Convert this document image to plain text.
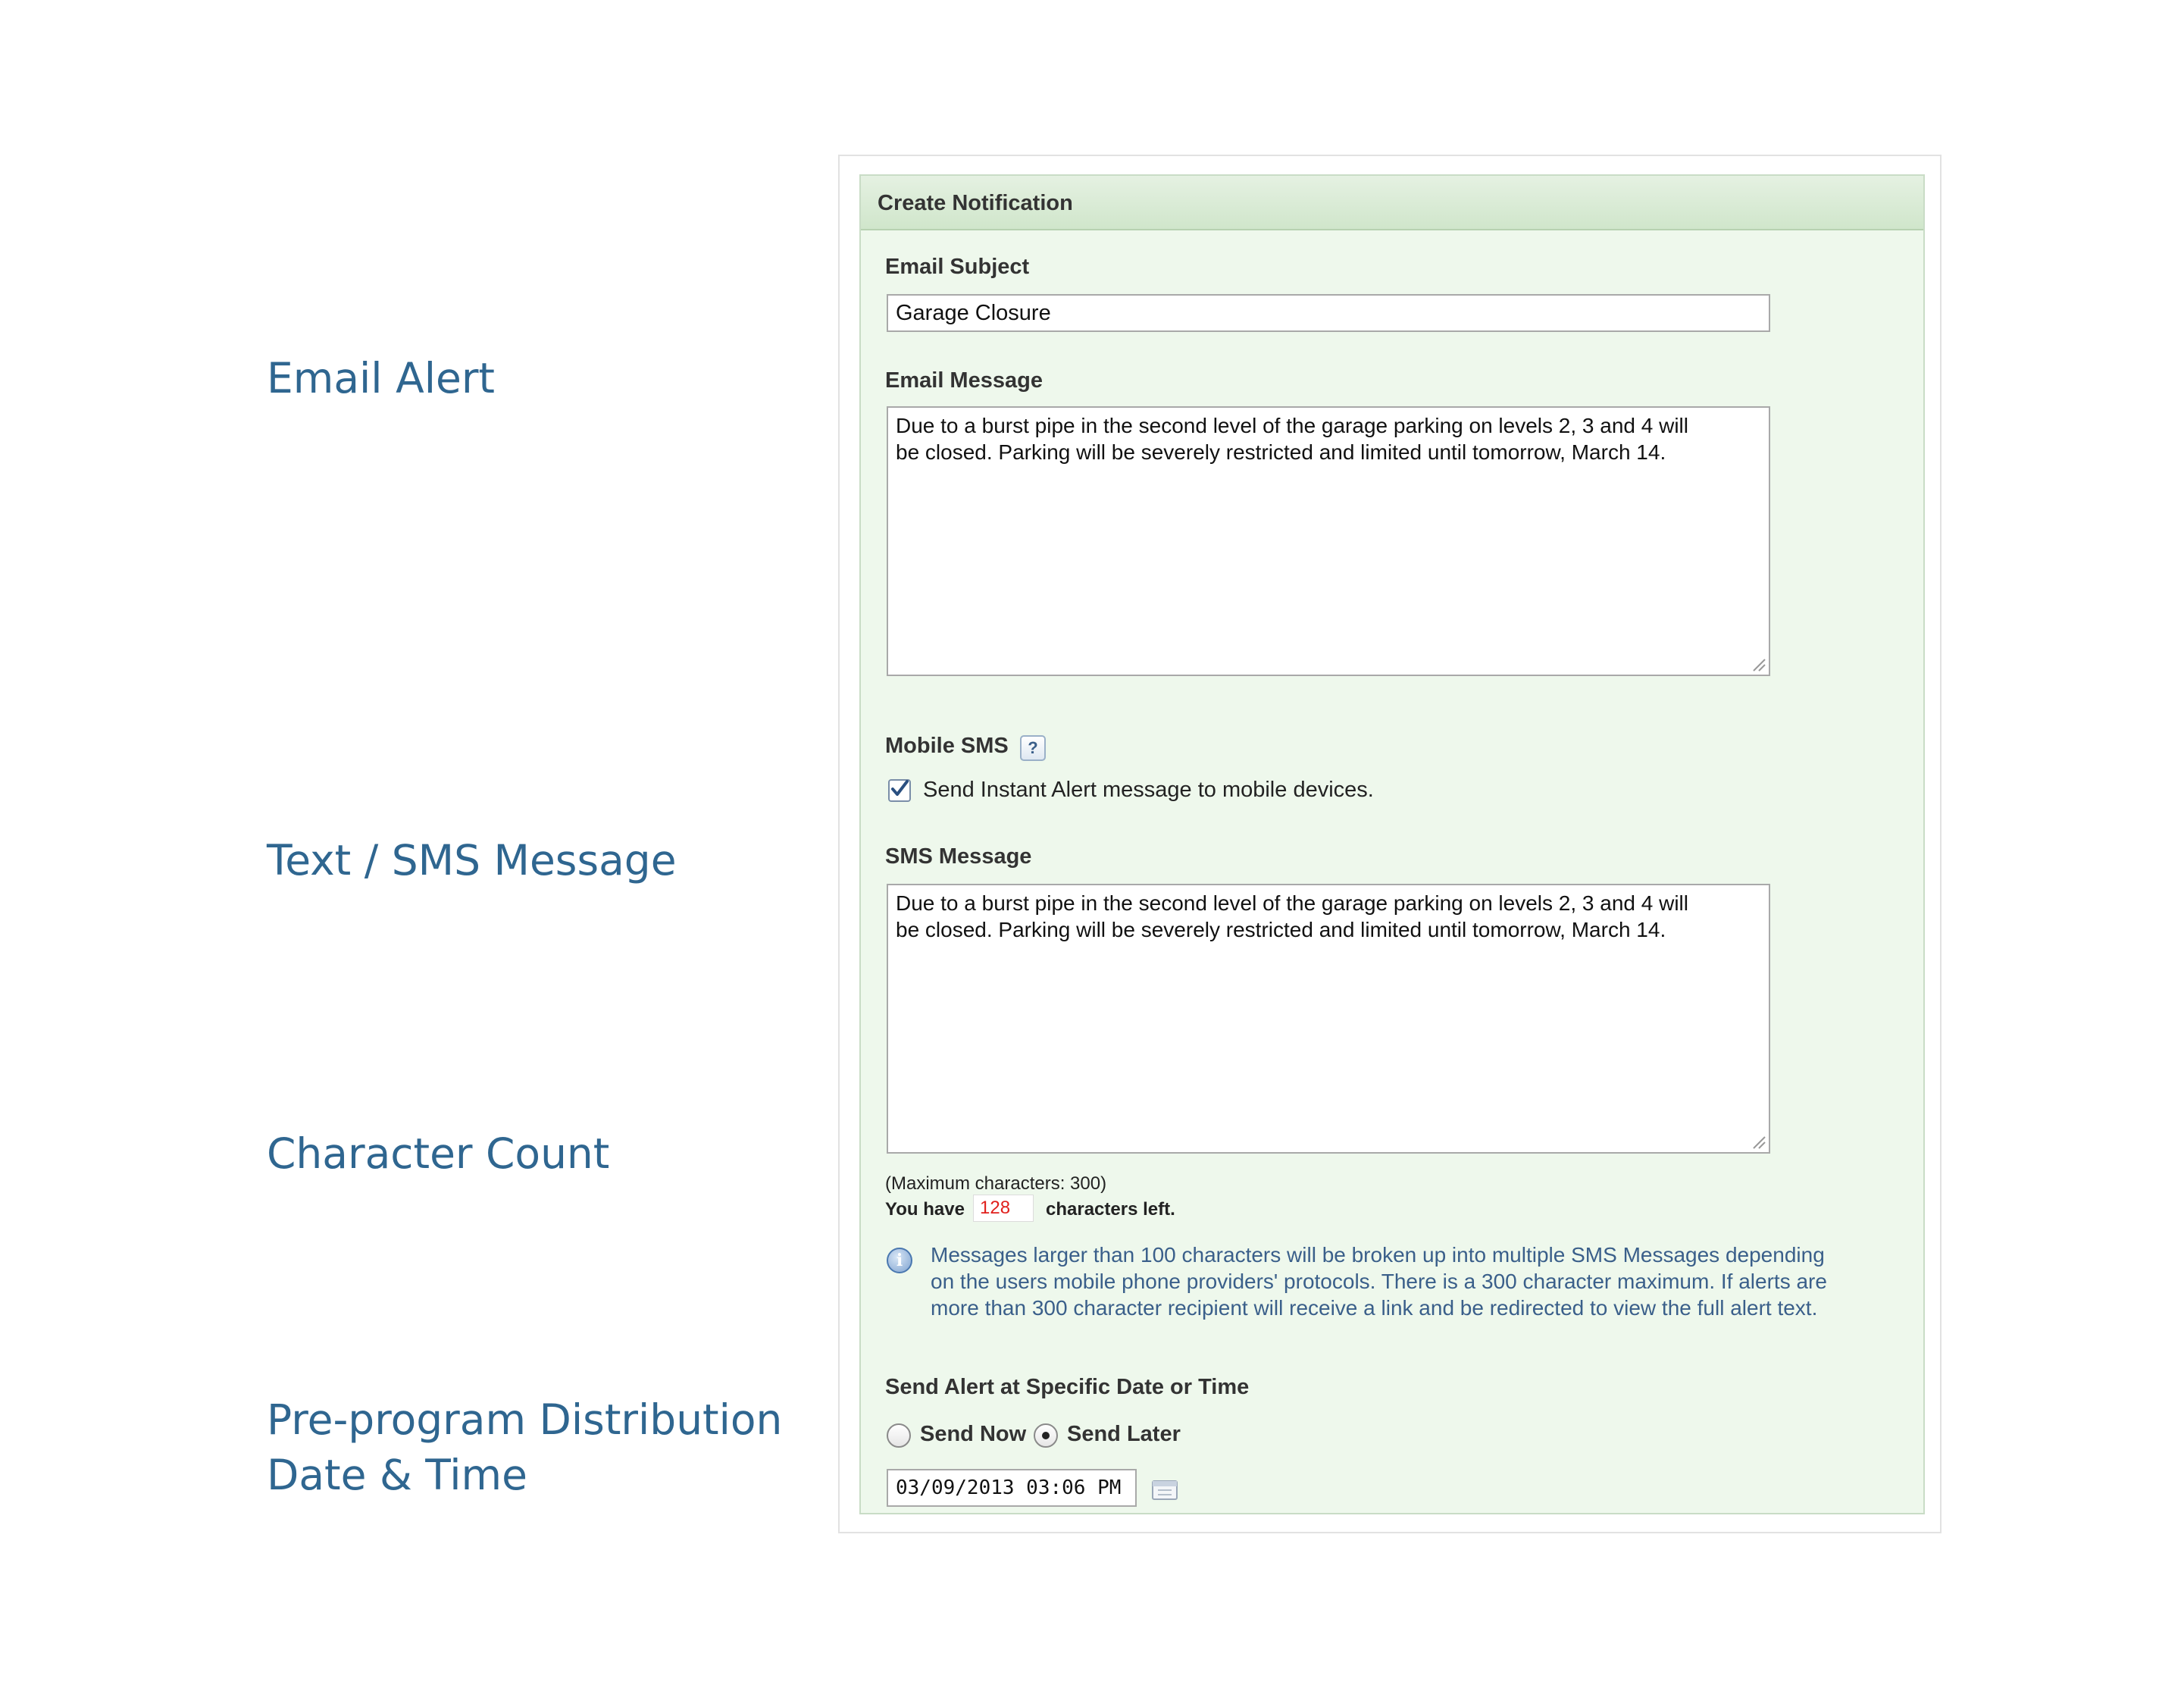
Email Alert
Text / SMS Message
Character Count
Pre-program Distribution
Date & Time
Create Notification
Email Subject
Garage Closure
Email Message
Due to a burst pipe in the second level of the garage parking on levels 2, 3 and 4 will
be closed. Parking will be severely restricted and limited until tomorrow, March 14.
Mobile SMS	?
Send Instant Alert message to mobile devices.
SMS Message
Due to a burst pipe in the second level of the garage parking on levels 2, 3 and 4 will
be closed. Parking will be severely restricted and limited until tomorrow, March 14.
(Maximum characters: 300)
You have 128	characters left.
i	Messages larger than 100 characters will be broken up into multiple SMS Messages depending
on the users mobile phone providers' protocols. There is a 300 character maximum. If alerts are
more than 300 character recipient will receive a link and be redirected to view the full alert text.
Send Alert at Specific Date or Time
Send Now Send Later
03/09/2013 03:06 PM
